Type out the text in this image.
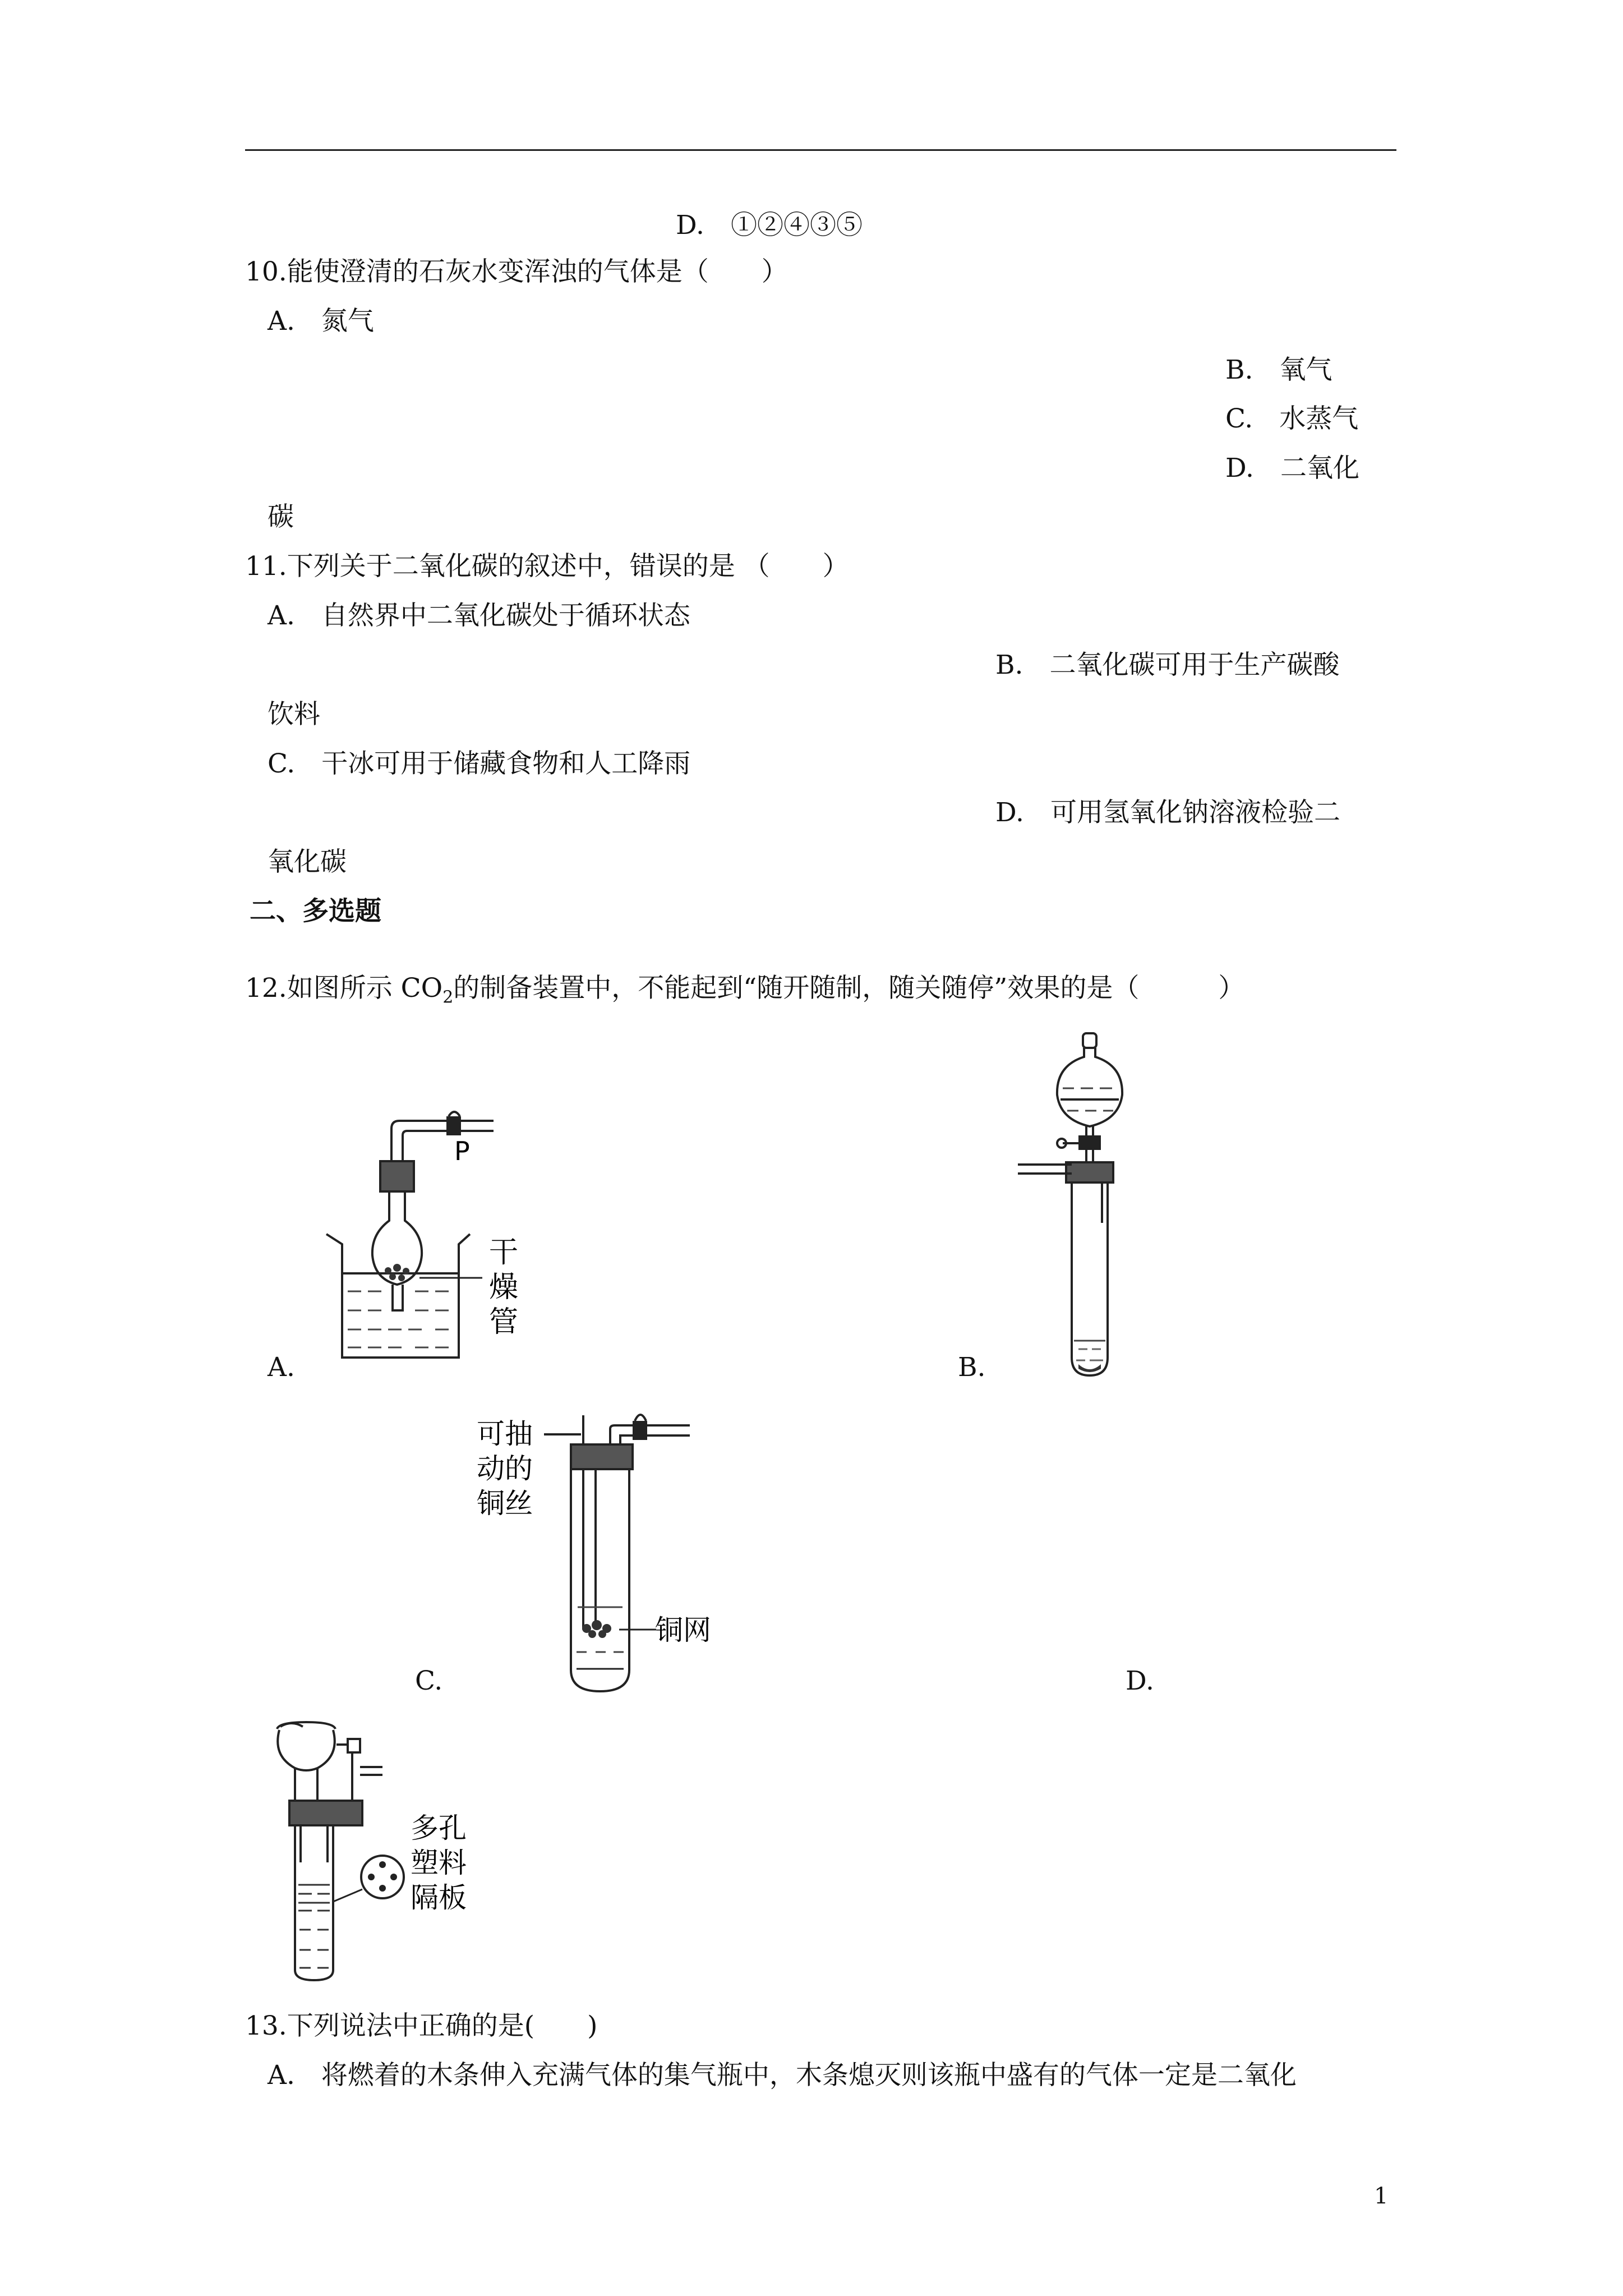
D.　①②④③⑤
10.能使澄清的石灰水变浑浊的气体是（　　）
A.　氮气
B.　氧气
C.　水蒸气
D.　二氧化
碳
11.下列关于二氧化碳的叙述中，错误的是 （　　）
A.　自然界中二氧化碳处于循环状态
B.　二氧化碳可用于生产碳酸
饮料
C.　干冰可用于储藏食物和人工降雨
D.　可用氢氧化钠溶液检验二
氧化碳
二、多选题
12.如图所示 $CO_2$的制备装置中，不能起到“随开随制，随关随停”效果的是（　　　）
P
干
燥
管
A.	B.
可抽
动的
铜丝
铜网
C.	D.
多孔
塑料
隔板
13.下列说法中正确的是(　　)
A.　将燃着的木条伸入充满气体的集气瓶中，木条熄灭则该瓶中盛有的气体一定是二氧化
1
